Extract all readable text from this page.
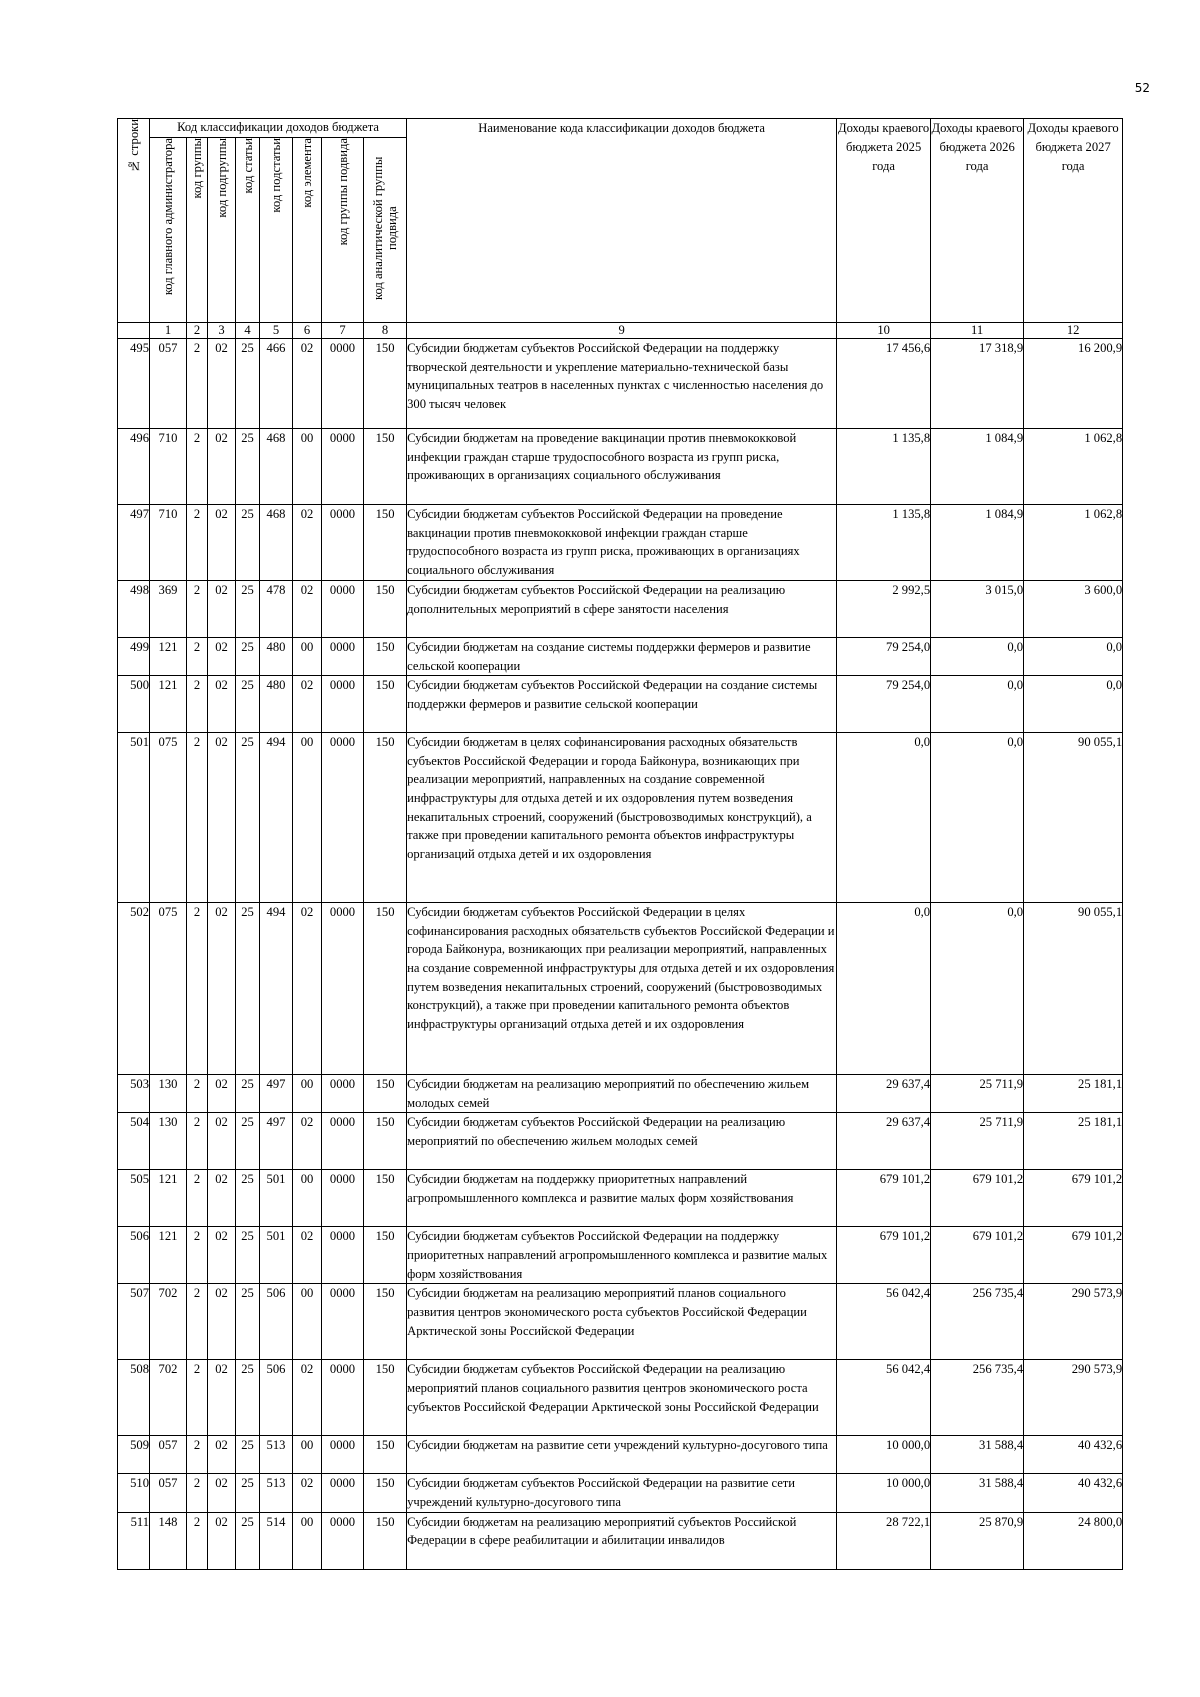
52
№ строки	Код классификации доходов бюджета								Наименование кода классификации доходов бюджета	Доходы краевого бюджета 2025 года	Доходы краевого бюджета 2026 года	Доходы краевого бюджета 2027 года

	код главного администратора	код группы	код подгруппы	код статьи	код подстатьи	код элемента	код группы подвида	код аналитической группы подвида				

	1	2	3	4	5	6	7	8	9	10	11	12
495	057	2	02	25	466	02	0000	150	Субсидии бюджетам субъектов Российской Федерации на поддержку творческой деятельности и укрепление материально-технической базы муниципальных театров в населенных пунктах с численностью населения до 300 тысяч человек	17 456,6	17 318,9	16 200,9
496	710	2	02	25	468	00	0000	150	Субсидии бюджетам на проведение вакцинации против пневмококковой инфекции граждан старше трудоспособного возраста из групп риска, проживающих в организациях социального обслуживания	1 135,8	1 084,9	1 062,8
497	710	2	02	25	468	02	0000	150	Субсидии бюджетам субъектов Российской Федерации на проведение вакцинации против пневмококковой инфекции граждан старше трудоспособного возраста из групп риска, проживающих в организациях социального обслуживания	1 135,8	1 084,9	1 062,8
498	369	2	02	25	478	02	0000	150	Субсидии бюджетам субъектов Российской Федерации на реализацию дополнительных мероприятий в сфере занятости населения	2 992,5	3 015,0	3 600,0
499	121	2	02	25	480	00	0000	150	Субсидии бюджетам на создание системы поддержки фермеров и развитие сельской кооперации	79 254,0	0,0	0,0
500	121	2	02	25	480	02	0000	150	Субсидии бюджетам субъектов Российской Федерации на создание системы поддержки фермеров и развитие сельской кооперации	79 254,0	0,0	0,0
501	075	2	02	25	494	00	0000	150	Субсидии бюджетам в целях софинансирования расходных обязательств субъектов Российской Федерации и города Байконура, возникающих при реализации мероприятий, направленных на создание современной инфраструктуры для отдыха детей и их оздоровления путем возведения некапитальных строений, сооружений (быстровозводимых конструкций), а также при проведении капитального ремонта объектов инфраструктуры организаций отдыха детей и их оздоровления	0,0	0,0	90 055,1
502	075	2	02	25	494	02	0000	150	Субсидии бюджетам субъектов Российской Федерации в целях софинансирования расходных обязательств субъектов Российской Федерации и города Байконура, возникающих при реализации мероприятий, направленных на создание современной инфраструктуры для отдыха детей и их оздоровления путем возведения некапитальных строений, сооружений (быстровозводимых конструкций), а также при проведении капитального ремонта объектов инфраструктуры организаций отдыха детей и их оздоровления	0,0	0,0	90 055,1
503	130	2	02	25	497	00	0000	150	Субсидии бюджетам на реализацию мероприятий по обеспечению жильем молодых семей	29 637,4	25 711,9	25 181,1
504	130	2	02	25	497	02	0000	150	Субсидии бюджетам субъектов Российской Федерации на реализацию мероприятий по обеспечению жильем молодых семей	29 637,4	25 711,9	25 181,1
505	121	2	02	25	501	00	0000	150	Субсидии бюджетам на поддержку приоритетных направлений агропромышленного комплекса и развитие малых форм хозяйствования	679 101,2	679 101,2	679 101,2
506	121	2	02	25	501	02	0000	150	Субсидии бюджетам субъектов Российской Федерации на поддержку приоритетных направлений агропромышленного комплекса и развитие малых форм хозяйствования	679 101,2	679 101,2	679 101,2
507	702	2	02	25	506	00	0000	150	Субсидии бюджетам на реализацию мероприятий планов социального развития центров экономического роста субъектов Российской Федерации Арктической зоны Российской Федерации	56 042,4	256 735,4	290 573,9
508	702	2	02	25	506	02	0000	150	Субсидии бюджетам субъектов Российской Федерации на реализацию мероприятий планов социального развития центров экономического роста субъектов Российской Федерации Арктической зоны Российской Федерации	56 042,4	256 735,4	290 573,9
509	057	2	02	25	513	00	0000	150	Субсидии бюджетам на развитие сети учреждений культурно-досугового типа	10 000,0	31 588,4	40 432,6
510	057	2	02	25	513	02	0000	150	Субсидии бюджетам субъектов Российской Федерации на развитие сети учреждений культурно-досугового типа	10 000,0	31 588,4	40 432,6
511	148	2	02	25	514	00	0000	150	Субсидии бюджетам на реализацию мероприятий субъектов Российской Федерации в сфере реабилитации и абилитации инвалидов	28 722,1	25 870,9	24 800,0
